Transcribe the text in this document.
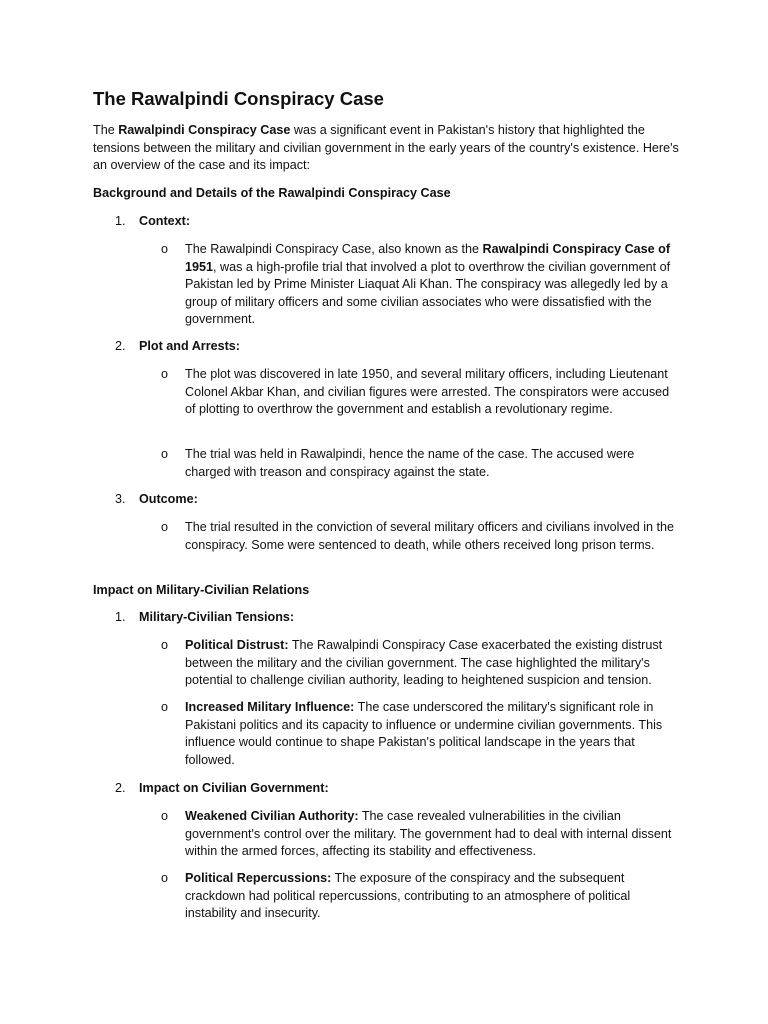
The Rawalpindi Conspiracy Case

The Rawalpindi Conspiracy Case was a significant event in Pakistan's history that highlighted the tensions between the military and civilian government in the early years of the country's existence. Here's an overview of the case and its impact:

Background and Details of the Rawalpindi Conspiracy Case
1. Context:
o The Rawalpindi Conspiracy Case, also known as the Rawalpindi Conspiracy Case of 1951, was a high-profile trial that involved a plot to overthrow the civilian government of Pakistan led by Prime Minister Liaquat Ali Khan. The conspiracy was allegedly led by a group of military officers and some civilian associates who were dissatisfied with the government.
2. Plot and Arrests:
o The plot was discovered in late 1950, and several military officers, including Lieutenant Colonel Akbar Khan, and civilian figures were arrested. The conspirators were accused of plotting to overthrow the government and establish a revolutionary regime.
o The trial was held in Rawalpindi, hence the name of the case. The accused were charged with treason and conspiracy against the state.
3. Outcome:
o The trial resulted in the conviction of several military officers and civilians involved in the conspiracy. Some were sentenced to death, while others received long prison terms.
Impact on Military-Civilian Relations
1. Military-Civilian Tensions:
o Political Distrust: The Rawalpindi Conspiracy Case exacerbated the existing distrust between the military and the civilian government. The case highlighted the military's potential to challenge civilian authority, leading to heightened suspicion and tension.
o Increased Military Influence: The case underscored the military's significant role in Pakistani politics and its capacity to influence or undermine civilian governments. This influence would continue to shape Pakistan's political landscape in the years that followed.
2. Impact on Civilian Government:
o Weakened Civilian Authority: The case revealed vulnerabilities in the civilian government's control over the military. The government had to deal with internal dissent within the armed forces, affecting its stability and effectiveness.
o Political Repercussions: The exposure of the conspiracy and the subsequent crackdown had political repercussions, contributing to an atmosphere of political instability and insecurity.
